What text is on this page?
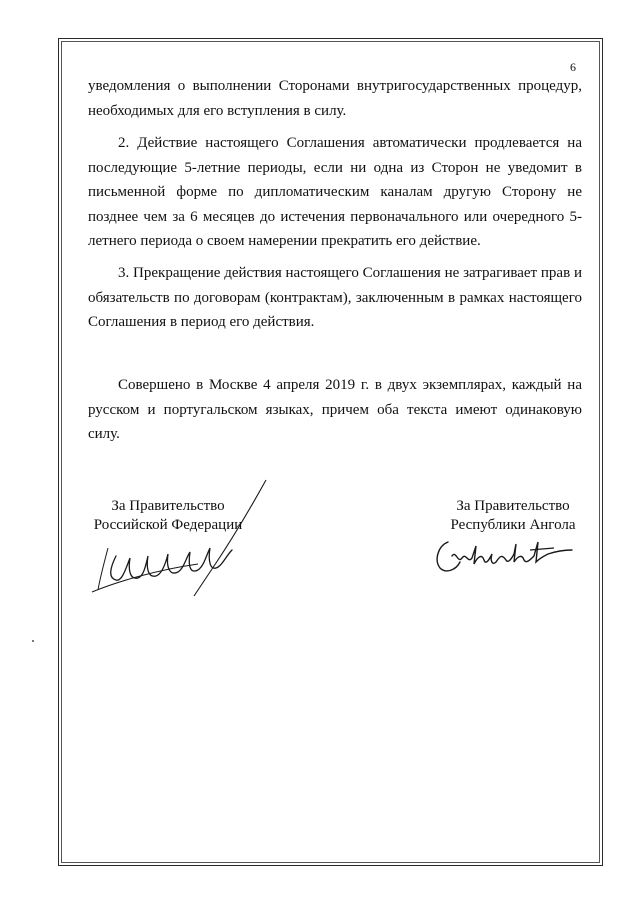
6

уведомления о выполнении Сторонами внутригосударственных процедур, необходимых для его вступления в силу.

2. Действие настоящего Соглашения автоматически продлевается на последующие 5-летние периоды, если ни одна из Сторон не уведомит в письменной форме по дипломатическим каналам другую Сторону не позднее чем за 6 месяцев до истечения первоначального или очередного 5-летнего периода о своем намерении прекратить его действие.

3. Прекращение действия настоящего Соглашения не затрагивает прав и обязательств по договорам (контрактам), заключенным в рамках настоящего Соглашения в период его действия.

Совершено в Москве 4 апреля 2019 г. в двух экземплярах, каждый на русском и португальском языках, причем оба текста имеют одинаковую силу.

За Правительство
Российской Федерации
За Правительство
Республики Ангола
